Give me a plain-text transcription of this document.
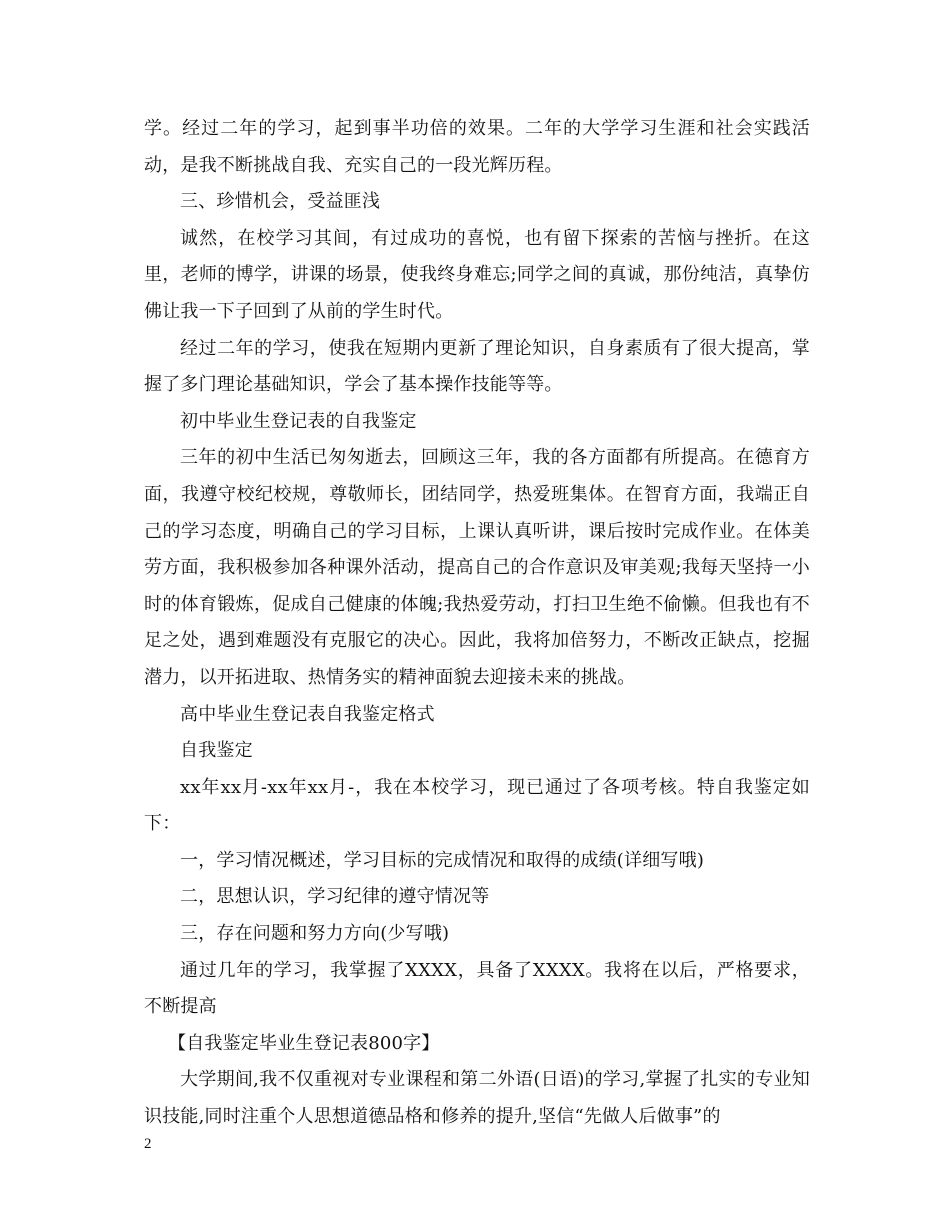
学。经过二年的学习，起到事半功倍的效果。二年的大学学习生涯和社会实践活动，是我不断挑战自我、充实自己的一段光辉历程。

三、珍惜机会，受益匪浅

诚然，在校学习其间，有过成功的喜悦，也有留下探索的苦恼与挫折。在这里，老师的博学，讲课的场景，使我终身难忘;同学之间的真诚，那份纯洁，真挚仿佛让我一下子回到了从前的学生时代。

经过二年的学习，使我在短期内更新了理论知识，自身素质有了很大提高，掌握了多门理论基础知识，学会了基本操作技能等等。

初中毕业生登记表的自我鉴定

三年的初中生活已匆匆逝去，回顾这三年，我的各方面都有所提高。在德育方面，我遵守校纪校规，尊敬师长，团结同学，热爱班集体。在智育方面，我端正自己的学习态度，明确自己的学习目标，上课认真听讲，课后按时完成作业。在体美劳方面，我积极参加各种课外活动，提高自己的合作意识及审美观;我每天坚持一小时的体育锻炼，促成自己健康的体魄;我热爱劳动，打扫卫生绝不偷懒。但我也有不足之处，遇到难题没有克服它的决心。因此，我将加倍努力，不断改正缺点，挖掘潜力，以开拓进取、热情务实的精神面貌去迎接未来的挑战。

高中毕业生登记表自我鉴定格式

自我鉴定

xx年xx月-xx年xx月-，我在本校学习，现已通过了各项考核。特自我鉴定如下：

一，学习情况概述，学习目标的完成情况和取得的成绩(详细写哦)

二，思想认识，学习纪律的遵守情况等

三，存在问题和努力方向(少写哦)

通过几年的学习，我掌握了XXXX，具备了XXXX。我将在以后，严格要求，不断提高

【自我鉴定毕业生登记表800字】

大学期间,我不仅重视对专业课程和第二外语(日语)的学习,掌握了扎实的专业知识技能,同时注重个人思想道德品格和修养的提升,坚信“先做人后做事”的

2
